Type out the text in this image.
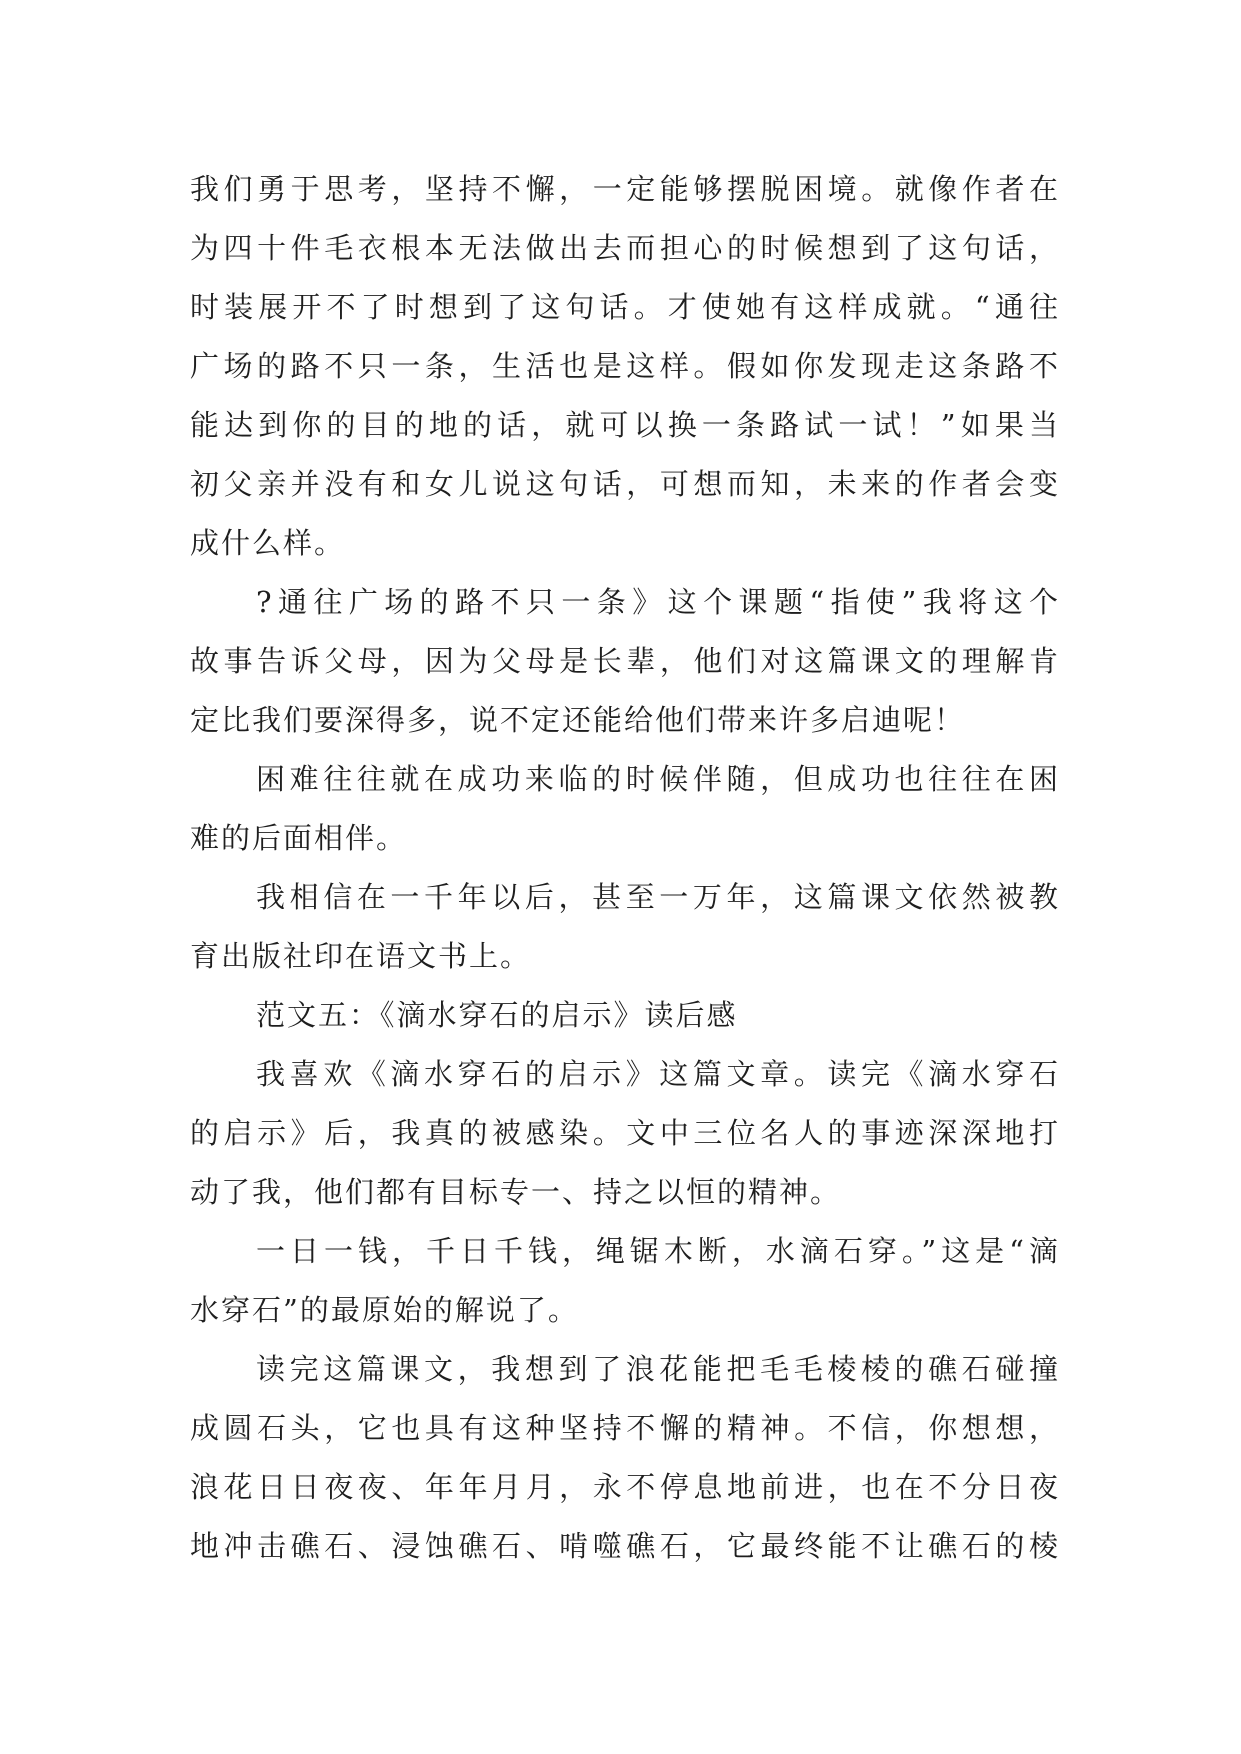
我们勇于思考，坚持不懈，一定能够摆脱困境。就像作者在
为四十件毛衣根本无法做出去而担心的时候想到了这句话，
时装展开不了时想到了这句话。才使她有这样成就。“通往
广场的路不只一条，生活也是这样。假如你发现走这条路不
能达到你的目的地的话，就可以换一条路试一试！”如果当
初父亲并没有和女儿说这句话，可想而知，未来的作者会变
成什么样。
?通往广场的路不只一条》这个课题“指使”我将这个
故事告诉父母，因为父母是长辈，他们对这篇课文的理解肯
定比我们要深得多，说不定还能给他们带来许多启迪呢！
困难往往就在成功来临的时候伴随，但成功也往往在困
难的后面相伴。
我相信在一千年以后，甚至一万年，这篇课文依然被教
育出版社印在语文书上。
范文五：《滴水穿石的启示》读后感
我喜欢《滴水穿石的启示》这篇文章。读完《滴水穿石
的启示》后，我真的被感染。文中三位名人的事迹深深地打
动了我，他们都有目标专一、持之以恒的精神。
一日一钱，千日千钱，绳锯木断，水滴石穿。”这是“滴
水穿石”的最原始的解说了。
读完这篇课文，我想到了浪花能把毛毛棱棱的礁石碰撞
成圆石头，它也具有这种坚持不懈的精神。不信，你想想，
浪花日日夜夜、年年月月，永不停息地前进，也在不分日夜
地冲击礁石、浸蚀礁石、啃噬礁石，它最终能不让礁石的棱
